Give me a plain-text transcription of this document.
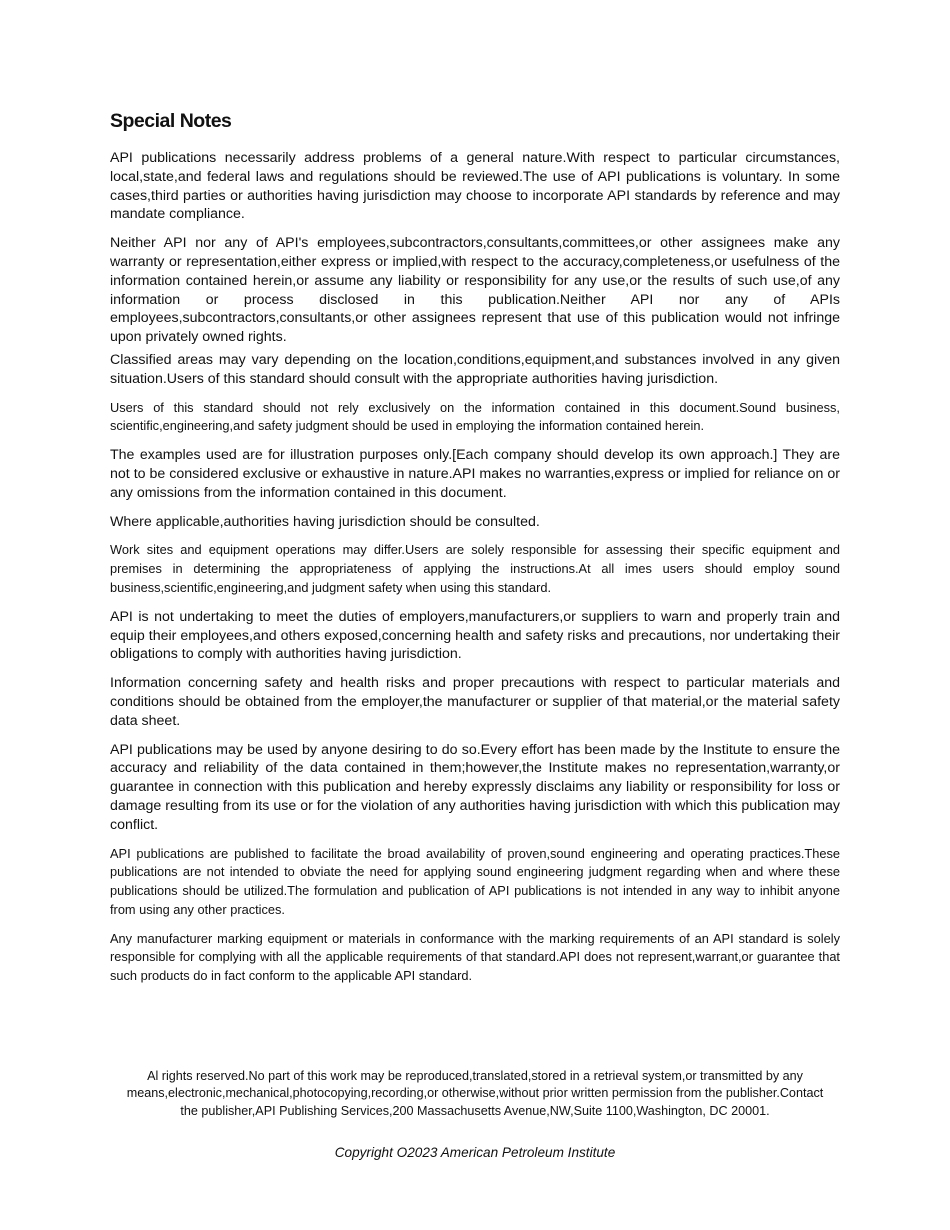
Special Notes

API publications necessarily address problems of a general nature.With respect to particular circumstances, local,state,and federal laws and regulations should be reviewed.The use of API publications is voluntary. In some cases,third parties or authorities having jurisdiction may choose to incorporate API standards by reference and may mandate compliance.

Neither API nor any of API's employees,subcontractors,consultants,committees,or other assignees make any warranty or representation,either express or implied,with respect to the accuracy,completeness,or usefulness of the information contained herein,or assume any liability or responsibility for any use,or the results of such use,of any information or process disclosed in this publication.Neither API nor any of APIs employees,subcontractors,consultants,or other assignees represent that use of this publication would not infringe upon privately owned rights.

Classified areas may vary depending on the location,conditions,equipment,and substances involved in any given situation.Users of this standard should consult with the appropriate authorities having jurisdiction.

Users of this standard should not rely exclusively on the information contained in this document.Sound business, scientific,engineering,and safety judgment should be used in employing the information contained herein.

The examples used are for illustration purposes only.[Each company should develop its own approach.] They are not to be considered exclusive or exhaustive in nature.API makes no warranties,express or implied for reliance on or any omissions from the information contained in this document.

Where applicable,authorities having jurisdiction should be consulted.

Work sites and equipment operations may differ.Users are solely responsible for assessing their specific equipment and premises in determining the appropriateness of applying the instructions.At all imes users should employ sound business,scientific,engineering,and judgment safety when using this standard.

API is not undertaking to meet the duties of employers,manufacturers,or suppliers to warn and properly train and equip their employees,and others exposed,concerning health and safety risks and precautions, nor undertaking their obligations to comply with authorities having jurisdiction.

Information concerning safety and health risks and proper precautions with respect to particular materials and conditions should be obtained from the employer,the manufacturer or supplier of that material,or the material safety data sheet.

API publications may be used by anyone desiring to do so.Every effort has been made by the Institute to ensure the accuracy and reliability of the data contained in them;however,the Institute makes no representation,warranty,or guarantee in connection with this publication and hereby expressly disclaims any liability or responsibility for loss or damage resulting from its use or for the violation of any authorities having jurisdiction with which this publication may conflict.

API publications are published to facilitate the broad availability of proven,sound engineering and operating practices.These publications are not intended to obviate the need for applying sound engineering judgment regarding when and where these publications should be utilized.The formulation and publication of API publications is not intended in any way to inhibit anyone from using any other practices.

Any manufacturer marking equipment or materials in conformance with the marking requirements of an API standard is solely responsible for complying with all the applicable requirements of that standard.API does not represent,warrant,or guarantee that such products do in fact conform to the applicable API standard.

Al rights reserved.No part of this work may be reproduced,translated,stored in a retrieval system,or transmitted by any means,electronic,mechanical,photocopying,recording,or otherwise,without prior written permission from the publisher.Contact the publisher,API Publishing Services,200 Massachusetts Avenue,NW,Suite 1100,Washington, DC 20001.

Copyright O2023 American Petroleum Institute
